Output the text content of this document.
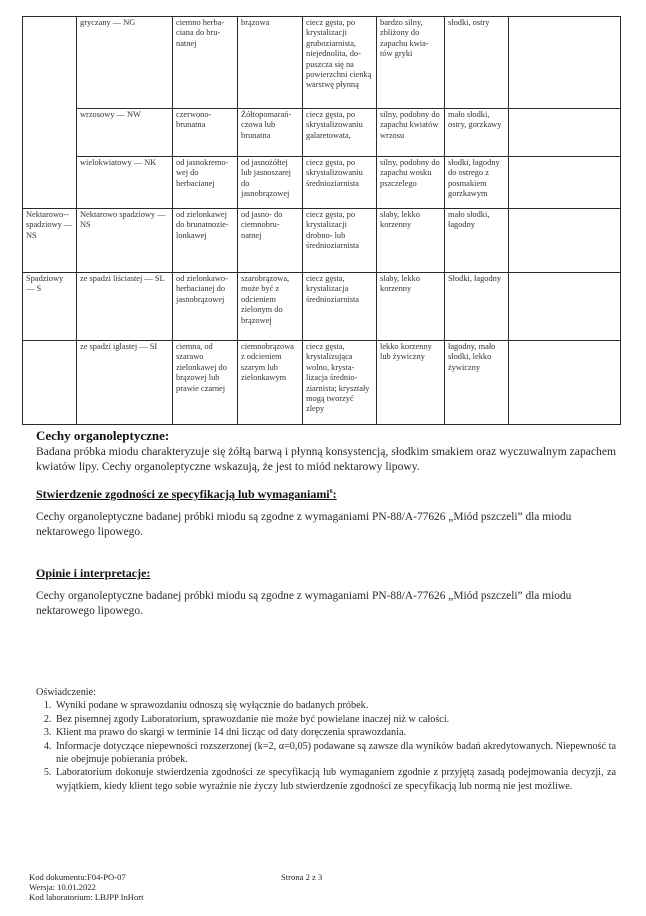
	gryczany — NG	ciemno herba-ciana do bru-natnej	brązowa	ciecz gęsta, po krystalizacji gruboziarnista, niejednolita, do-puszcza się na powierzchni cienką warstwę płynną	bardzo silny, zbliżony do zapachu kwia-tów gryki	słodki, ostry	
	wrzosowy — NW	czerwono-brunatna	Żółtopomarań-czowa lub brunatna	ciecz gęsta, po skrystalizowaniu galaretowata,	silny, podobny do zapachu kwiatów wrzosu	mało słodki, ostry, gorzkawy	
	wielokwiatowy — NK	od jasnokremo-wej do herbacianej	od jasnożółtej lub jasnoszarej do jasnobrązowej	ciecz gęsta, po skrystalizowaniu średnioziarnista	silny, podobny do zapachu wosku pszczelego	słodki, łagodny do ostrego z posmakiem gorzkawym	
Nektarowo-- spadziowy — NS	Nektarowo spadziowy — NS	od zielonkawej do brunatnozie-lonkawej	od jasno- do ciemnobru-natnej	ciecz gęsta, po krystalizacji drobno- lub średnioziarnista	słaby, lekko korzenny	mało słodki, łagodny	
Spadziowy — S	ze spadzi liściastej — SL	od zielonkawo-herbacianej do jasnobrązowej	szarobrązowa, może być z odcieniem zielonym do brązowej	ciecz gęsta, krystalizacja średnioziarnista	słaby, lekko korzenny	Słodki, łagodny	
	ze spadzi iglastej — SI	ciemna, od szarawo zielonkawej do brązowej lub prawie czarnej	ciemnobrązowa z odcieniem szarym lub zielonkawym	ciecz gęsta, krystalizująca wolno, krysta-lizacja średnio-ziarnista; kryształy mogą tworzyć zlepy	lekko korzenny lub żywiczny	łagodny, mało słodki, lekko żywiczny	
Cechy organoleptyczne:
Badana próbka miodu charakteryzuje się żółtą barwą i płynną konsystencją, słodkim smakiem oraz wyczuwalnym zapachem kwiatów lipy. Cechy organoleptyczne wskazują, że jest to miód nektarowy lipowy.
Stwierdzenie zgodności ze specyfikacją lub wymaganiami$^6$:
Cechy organoleptyczne badanej próbki miodu są zgodne z wymaganiami PN-88/A-77626 „Miód pszczeli” dla miodu nektarowego lipowego.
Opinie i interpretacje:
Cechy organoleptyczne badanej próbki miodu są zgodne z wymaganiami PN-88/A-77626 „Miód pszczeli” dla miodu nektarowego lipowego.
Oświadczenie:
1. Wyniki podane w sprawozdaniu odnoszą się wyłącznie do badanych próbek.
2. Bez pisemnej zgody Laboratorium, sprawozdanie nie może być powielane inaczej niż w całości.
3. Klient ma prawo do skargi w terminie 14 dni licząc od daty doręczenia sprawozdania.
4. Informacje dotyczące niepewności rozszerzonej (k=2, α=0,05) podawane są zawsze dla wyników badań akredytowanych. Niepewność ta nie obejmuje pobierania próbek.
5. Laboratorium dokonuje stwierdzenia zgodności ze specyfikacją lub wymaganiem zgodnie z przyjętą zasadą podejmowania decyzji, za wyjątkiem, kiedy klient tego sobie wyraźnie nie życzy lub stwierdzenie zgodności ze specyfikacją lub normą nie jest możliwe.
Kod dokumentu:F04-PO-07
Wersja: 10.01.2022
Kod laboratorium: LBJPP InHort
Strona 2 z 3
